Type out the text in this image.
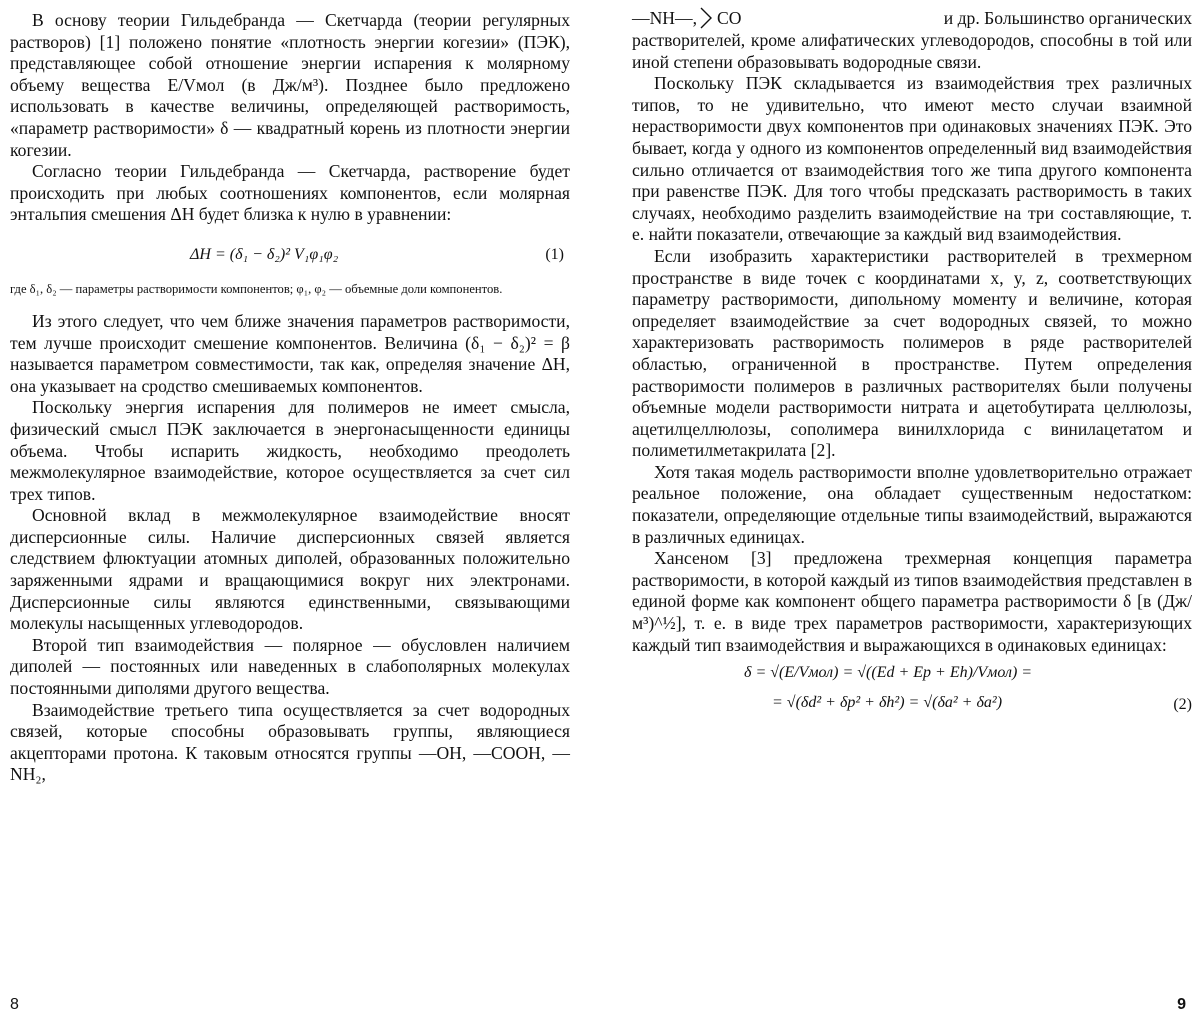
В основу теории Гильдебранда — Скетчарда (теории регулярных растворов) [1] положено понятие «плотность энергии когезии» (ПЭК), представляющее собой отношение энергии испарения к молярному объему вещества E/Vмол (в Дж/м³). Позднее было предложено использовать в качестве величины, определяющей растворимость, «параметр растворимости» δ — квадратный корень из плотности энергии когезии.

Согласно теории Гильдебранда — Скетчарда, растворение будет происходить при любых соотношениях компонентов, если молярная энтальпия смешения ΔH будет близка к нулю в уравнении:

ΔH = (δ₁ − δ₂)² V₁φ₁φ₂	(1)

где δ₁, δ₂ — параметры растворимости компонентов; φ₁, φ₂ — объемные доли компонентов.

Из этого следует, что чем ближе значения параметров растворимости, тем лучше происходит смешение компонентов. Величина (δ₁ − δ₂)² = β называется параметром совместимости, так как, определяя значение ΔH, она указывает на сродство смешиваемых компонентов.

Поскольку энергия испарения для полимеров не имеет смысла, физический смысл ПЭК заключается в энергонасыщенности единицы объема. Чтобы испарить жидкость, необходимо преодолеть межмолекулярное взаимодействие, которое осуществляется за счет сил трех типов.

Основной вклад в межмолекулярное взаимодействие вносят дисперсионные силы. Наличие дисперсионных связей является следствием флюктуации атомных диполей, образованных положительно заряженными ядрами и вращающимися вокруг них электронами. Дисперсионные силы являются единственными, связывающими молекулы насыщенных углеводородов.

Второй тип взаимодействия — полярное — обусловлен наличием диполей — постоянных или наведенных в слабополярных молекулах постоянными диполями другого вещества.

Взаимодействие третьего типа осуществляется за счет водородных связей, которые способны образовывать группы, являющиеся акцепторами протона. К таковым относятся группы —OH, —COOH, —NH₂,

8
—NH—, CO	и др. Большинство органических

растворителей, кроме алифатических углеводородов, способны в той или иной степени образовывать водородные связи.

Поскольку ПЭК складывается из взаимодействия трех различных типов, то не удивительно, что имеют место случаи взаимной нерастворимости двух компонентов при одинаковых значениях ПЭК. Это бывает, когда у одного из компонентов определенный вид взаимодействия сильно отличается от взаимодействия того же типа другого компонента при равенстве ПЭК. Для того чтобы предсказать растворимость в таких случаях, необходимо разделить взаимодействие на три составляющие, т. е. найти показатели, отвечающие за каждый вид взаимодействия.

Если изобразить характеристики растворителей в трехмерном пространстве в виде точек с координатами x, y, z, соответствующих параметру растворимости, дипольному моменту и величине, которая определяет взаимодействие за счет водородных связей, то можно характеризовать растворимость полимеров в ряде растворителей областью, ограниченной в пространстве. Путем определения растворимости полимеров в различных растворителях были получены объемные модели растворимости нитрата и ацетобутирата целлюлозы, ацетилцеллюлозы, сополимера винилхлорида с винилацетатом и полиметилметакрилата [2].

Хотя такая модель растворимости вполне удовлетворительно отражает реальное положение, она обладает существенным недостатком: показатели, определяющие отдельные типы взаимодействий, выражаются в различных единицах.

Хансеном [3] предложена трехмерная концепция параметра растворимости, в которой каждый из типов взаимодействия представлен в единой форме как компонент общего параметра растворимости δ [в (Дж/м³)^½], т. е. в виде трех параметров растворимости, характеризующих каждый тип взаимодействия и выражающихся в одинаковых единицах:

δ = √(E/Vмол) = √((Ed + Ep + Eh)/Vмол) =
= √(δd² + δp² + δh²) = √(δa² + δa²)	(2)
9
